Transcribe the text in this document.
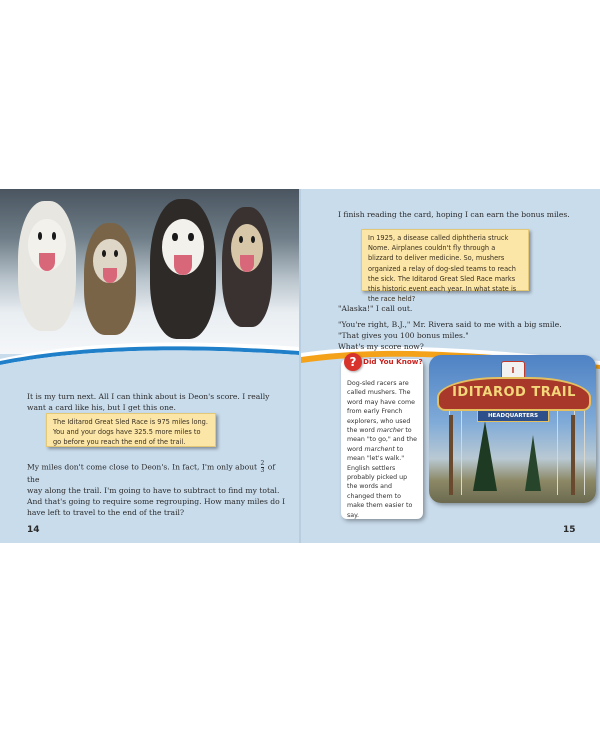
It is my turn next. All I can think about is Deon's score. I really want a card like his, but I get this one.
The Iditarod Great Sled Race is 975 miles long. You and your dogs have 325.5 more miles to go before you reach the end of the trail.
My miles don't come close to Deon's. In fact, I'm only about $\frac{2}{3}$ of the
way along the trail. I'm going to have to subtract to find my total.
And that's going to require some regrouping. How many miles do I
have left to travel to the end of the trail?
14
I finish reading the card, hoping I can earn the bonus miles.
In 1925, a disease called diphtheria struck Nome. Airplanes couldn't fly through a blizzard to deliver medicine. So, mushers organized a relay of dog-sled teams to reach the sick. The Iditarod Great Sled Race marks this historic event each year. In what state is the race held?
"Alaska!" I call out.
"You're right, B.J.," Mr. Rivera said to me with a big smile. "That gives you 100 bonus miles."
What's my score now?
? Did You Know?
Dog-sled racers are called mushers. The word may have come from early French explorers, who used the word marcher to mean "to go," and the word marchent to mean "let's walk." English settlers probably picked up the words and changed them to make them easier to say.
I
IDITAROD TRAIL
HEADQUARTERS
15
